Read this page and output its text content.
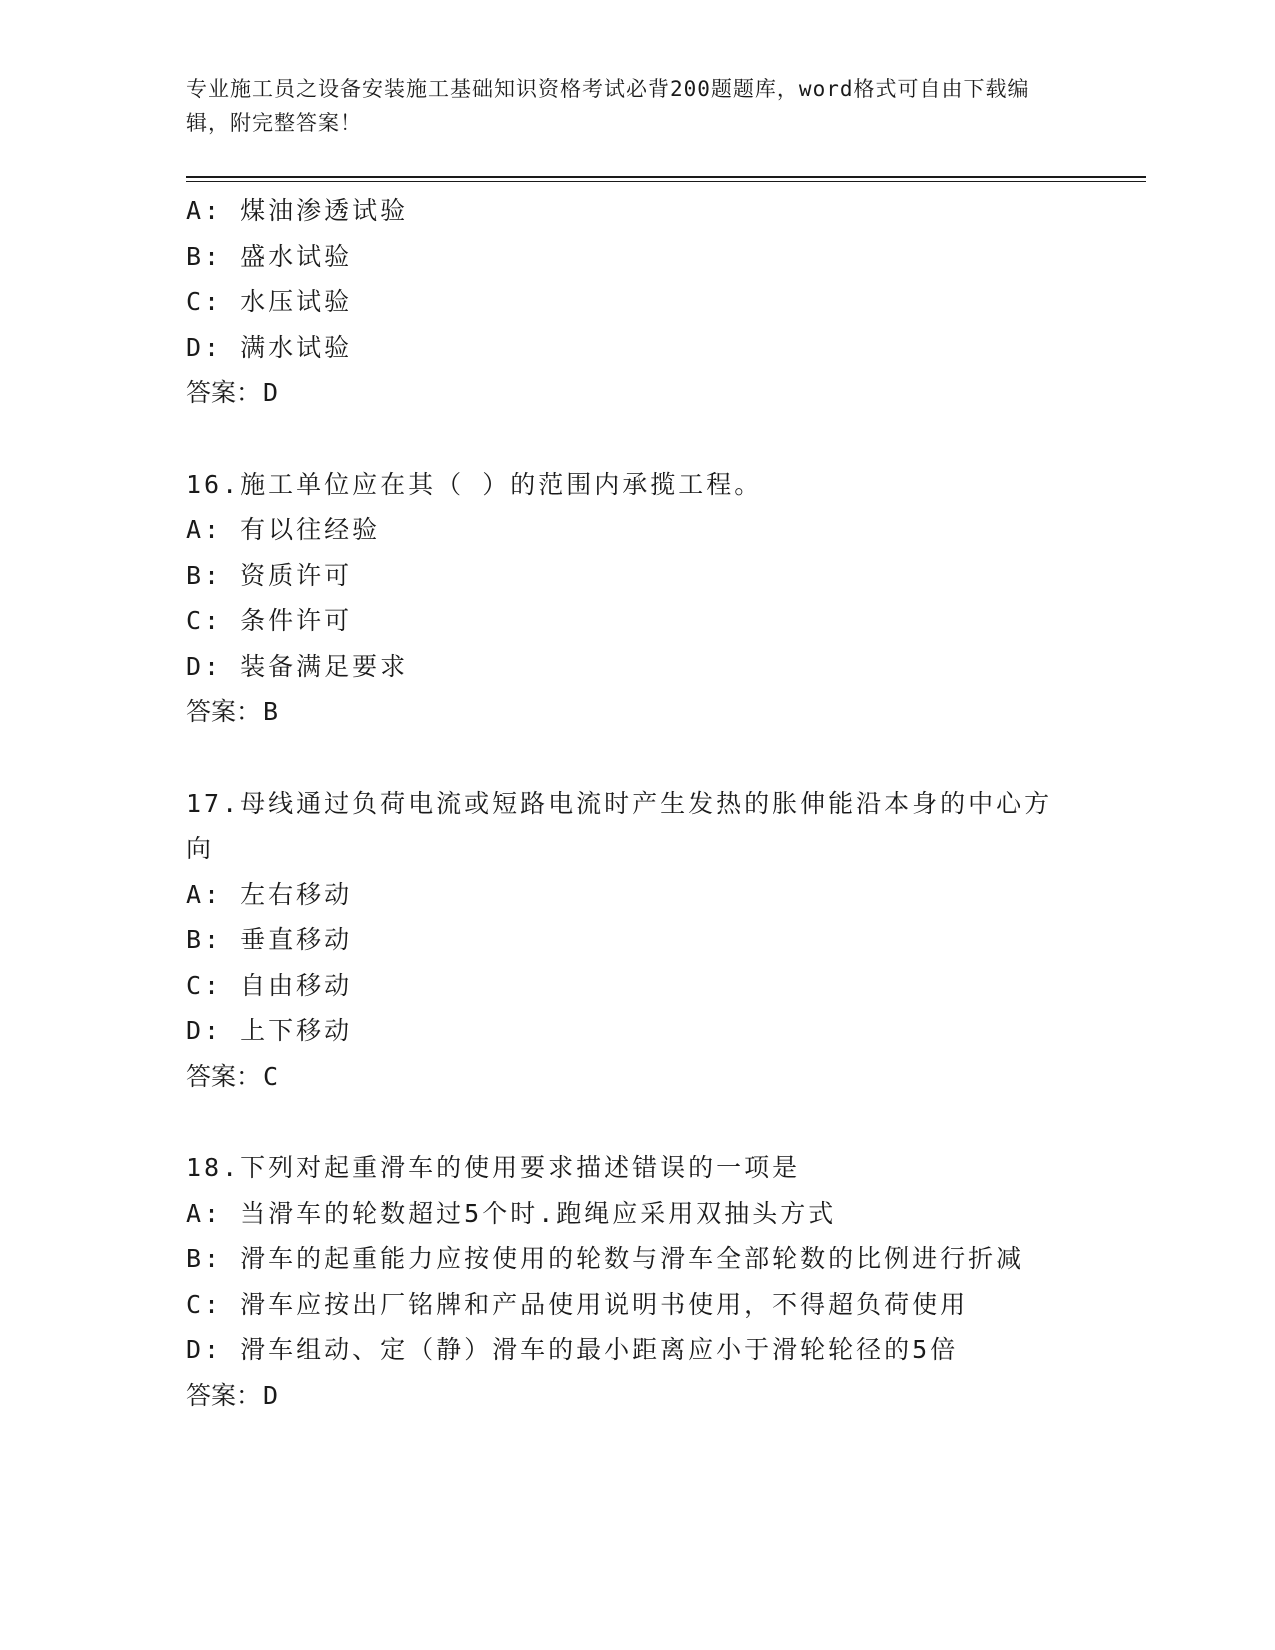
专业施工员之设备安装施工基础知识资格考试必背200题题库，word格式可自由下载编辑，附完整答案！
A: 煤油渗透试验
B: 盛水试验
C: 水压试验
D: 满水试验
答案：D
16.施工单位应在其（ ）的范围内承揽工程。
A: 有以往经验
B: 资质许可
C: 条件许可
D: 装备满足要求
答案：B
17.母线通过负荷电流或短路电流时产生发热的胀伸能沿本身的中心方向
A: 左右移动
B: 垂直移动
C: 自由移动
D: 上下移动
答案：C
18.下列对起重滑车的使用要求描述错误的一项是
A: 当滑车的轮数超过5个时.跑绳应采用双抽头方式
B: 滑车的起重能力应按使用的轮数与滑车全部轮数的比例进行折减
C: 滑车应按出厂铭牌和产品使用说明书使用，不得超负荷使用
D: 滑车组动、定（静）滑车的最小距离应小于滑轮轮径的5倍
答案：D
